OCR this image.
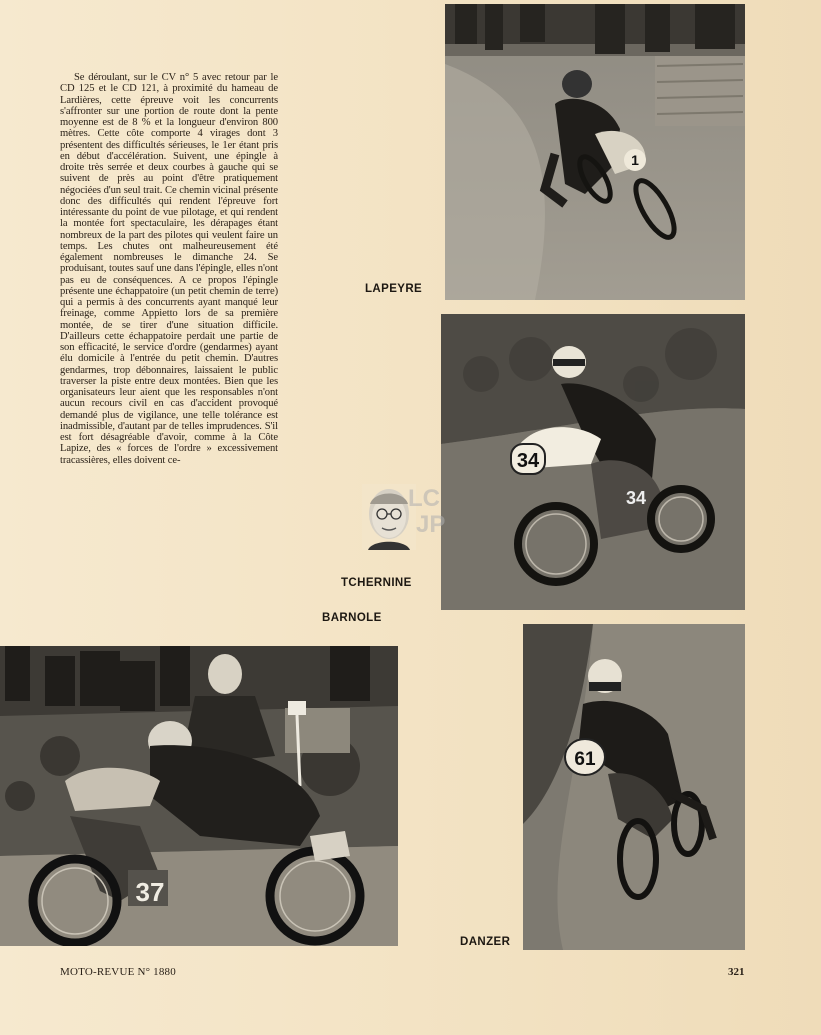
Se déroulant, sur le CV n° 5 avec retour par le CD 125 et le CD 121, à proximité du hameau de Lardières, cette épreuve voit les concurrents s'affronter sur une portion de route dont la pente moyenne est de 8 % et la longueur d'environ 800 mètres. Cette côte comporte 4 virages dont 3 présentent des difficultés sérieuses, le 1er étant pris en début d'accélération. Suivent, une épingle à droite très serrée et deux courbes à gauche qui se suivent de près au point d'être pratiquement négociées d'un seul trait. Ce chemin vicinal présente donc des difficultés qui rendent l'épreuve fort intéressante du point de vue pilotage, et qui rendent la montée fort spectaculaire, les dérapages étant nombreux de la part des pilotes qui veulent faire un temps. Les chutes ont malheureusement été également nombreuses le dimanche 24. Se produisant, toutes sauf une dans l'épingle, elles n'ont pas eu de conséquences. A ce propos l'épingle présente une échappatoire (un petit chemin de terre) qui a permis à des concurrents ayant manqué leur freinage, comme Appietto lors de sa première montée, de se tirer d'une situation difficile. D'ailleurs cette échappatoire perdait une partie de son efficacité, le service d'ordre (gendarmes) ayant élu domicile à l'entrée du petit chemin. D'autres gendarmes, trop débonnaires, laissaient le public traverser la piste entre deux montées. Bien que les organisateurs leur aient que les responsables n'ont aucun recours civil en cas d'accident provoqué demandé plus de vigilance, une telle tolérance est inadmissible, d'autant par de telles imprudences. S'il est fort désagréable d'avoir, comme à la Côte Lapize, des « forces de l'ordre » excessivement tracassières, elles doivent ce-

1
LAPEYRE
34
34
TCHERNINE
BARNOLE
LC
JP
37
61
DANZER
MOTO-REVUE N° 1880	321
